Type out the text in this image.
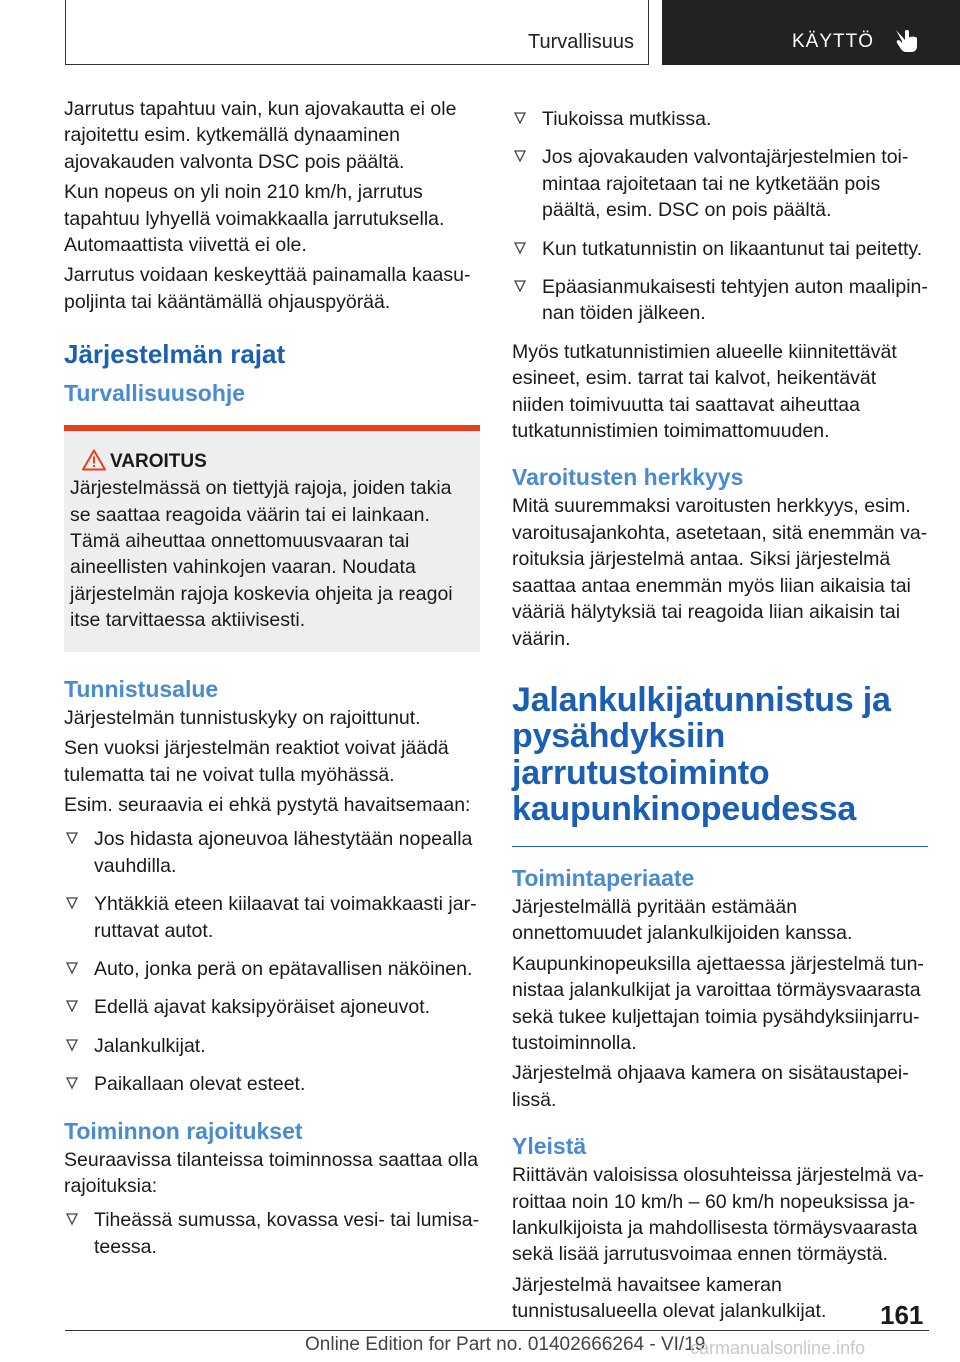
Turvallisuus	KÄYTTÖ

Jarrutus tapahtuu vain, kun ajovakautta ei ole rajoitettu esim. kytkemällä dynaaminen ajovakauden valvonta DSC pois päältä.

Kun nopeus on yli noin 210 km/h, jarrutus tapahtuu lyhyellä voimakkaalla jarrutuksella. Automaattista viivettä ei ole.

Jarrutus voidaan keskeyttää painamalla kaasupoljinta tai kääntämällä ohjauspyörää.

Järjestelmän rajat
Turvallisuusohje
VAROITUS

Järjestelmässä on tiettyjä rajoja, joiden takia se saattaa reagoida väärin tai ei lainkaan. Tämä aiheuttaa onnettomuusvaaran tai aineellisten vahinkojen vaaran. Noudata järjestelmän rajoja koskevia ohjeita ja reagoi itse tarvittaessa aktiivisesti.

Tunnistusalue

Järjestelmän tunnistuskyky on rajoittunut.

Sen vuoksi järjestelmän reaktiot voivat jäädä tulematta tai ne voivat tulla myöhässä.

Esim. seuraavia ei ehkä pystytä havaitsemaan:

Jos hidasta ajoneuvoa lähestytään nopealla vauhdilla.
Yhtäkkiä eteen kiilaavat tai voimakkaasti jarruttavat autot.
Auto, jonka perä on epätavallisen näköinen.
Edellä ajavat kaksipyöräiset ajoneuvot.
Jalankulkijat.
Paikallaan olevat esteet.
Toiminnon rajoitukset

Seuraavissa tilanteissa toiminnossa saattaa olla rajoituksia:

Tiheässä sumussa, kovassa vesi- tai lumisateessa.
Tiukoissa mutkissa.
Jos ajovakauden valvontajärjestelmien toimintaa rajoitetaan tai ne kytketään pois päältä, esim. DSC on pois päältä.
Kun tutkatunnistin on likaantunut tai peitetty.
Epäasianmukaisesti tehtyjen auton maalipinnan töiden jälkeen.

Myös tutkatunnistimien alueelle kiinnitettävät esineet, esim. tarrat tai kalvot, heikentävät niiden toimivuutta tai saattavat aiheuttaa tutkatunnistimien toimimattomuuden.

Varoitusten herkkyys

Mitä suuremmaksi varoitusten herkkyys, esim. varoitusajankohta, asetetaan, sitä enemmän varoituksia järjestelmä antaa. Siksi järjestelmä saattaa antaa enemmän myös liian aikaisia tai vääriä hälytyksiä tai reagoida liian aikaisin tai väärin.

Jalankulkijatunnistus ja pysähdyksiin jarrutustoiminto kaupunkinopeudessa
Toimintaperiaate

Järjestelmällä pyritään estämään onnettomuudet jalankulkijoiden kanssa.

Kaupunkinopeuksilla ajettaessa järjestelmä tunnistaa jalankulkijat ja varoittaa törmäysvaarasta sekä tukee kuljettajan toimia pysähdyksiinjarrutustoiminnolla.

Järjestelmä ohjaava kamera on sisätaustapeilissä.

Yleistä

Riittävän valoisissa olosuhteissa järjestelmä varoittaa noin 10 km/h – 60 km/h nopeuksissa jalankulkijoista ja mahdollisesta törmäysvaarasta sekä lisää jarrutusvoimaa ennen törmäystä.

Järjestelmä havaitsee kameran tunnistusalueella olevat jalankulkijat.	161
Online Edition for Part no. 01402666264 - VI/19
carmanualsonline.info
